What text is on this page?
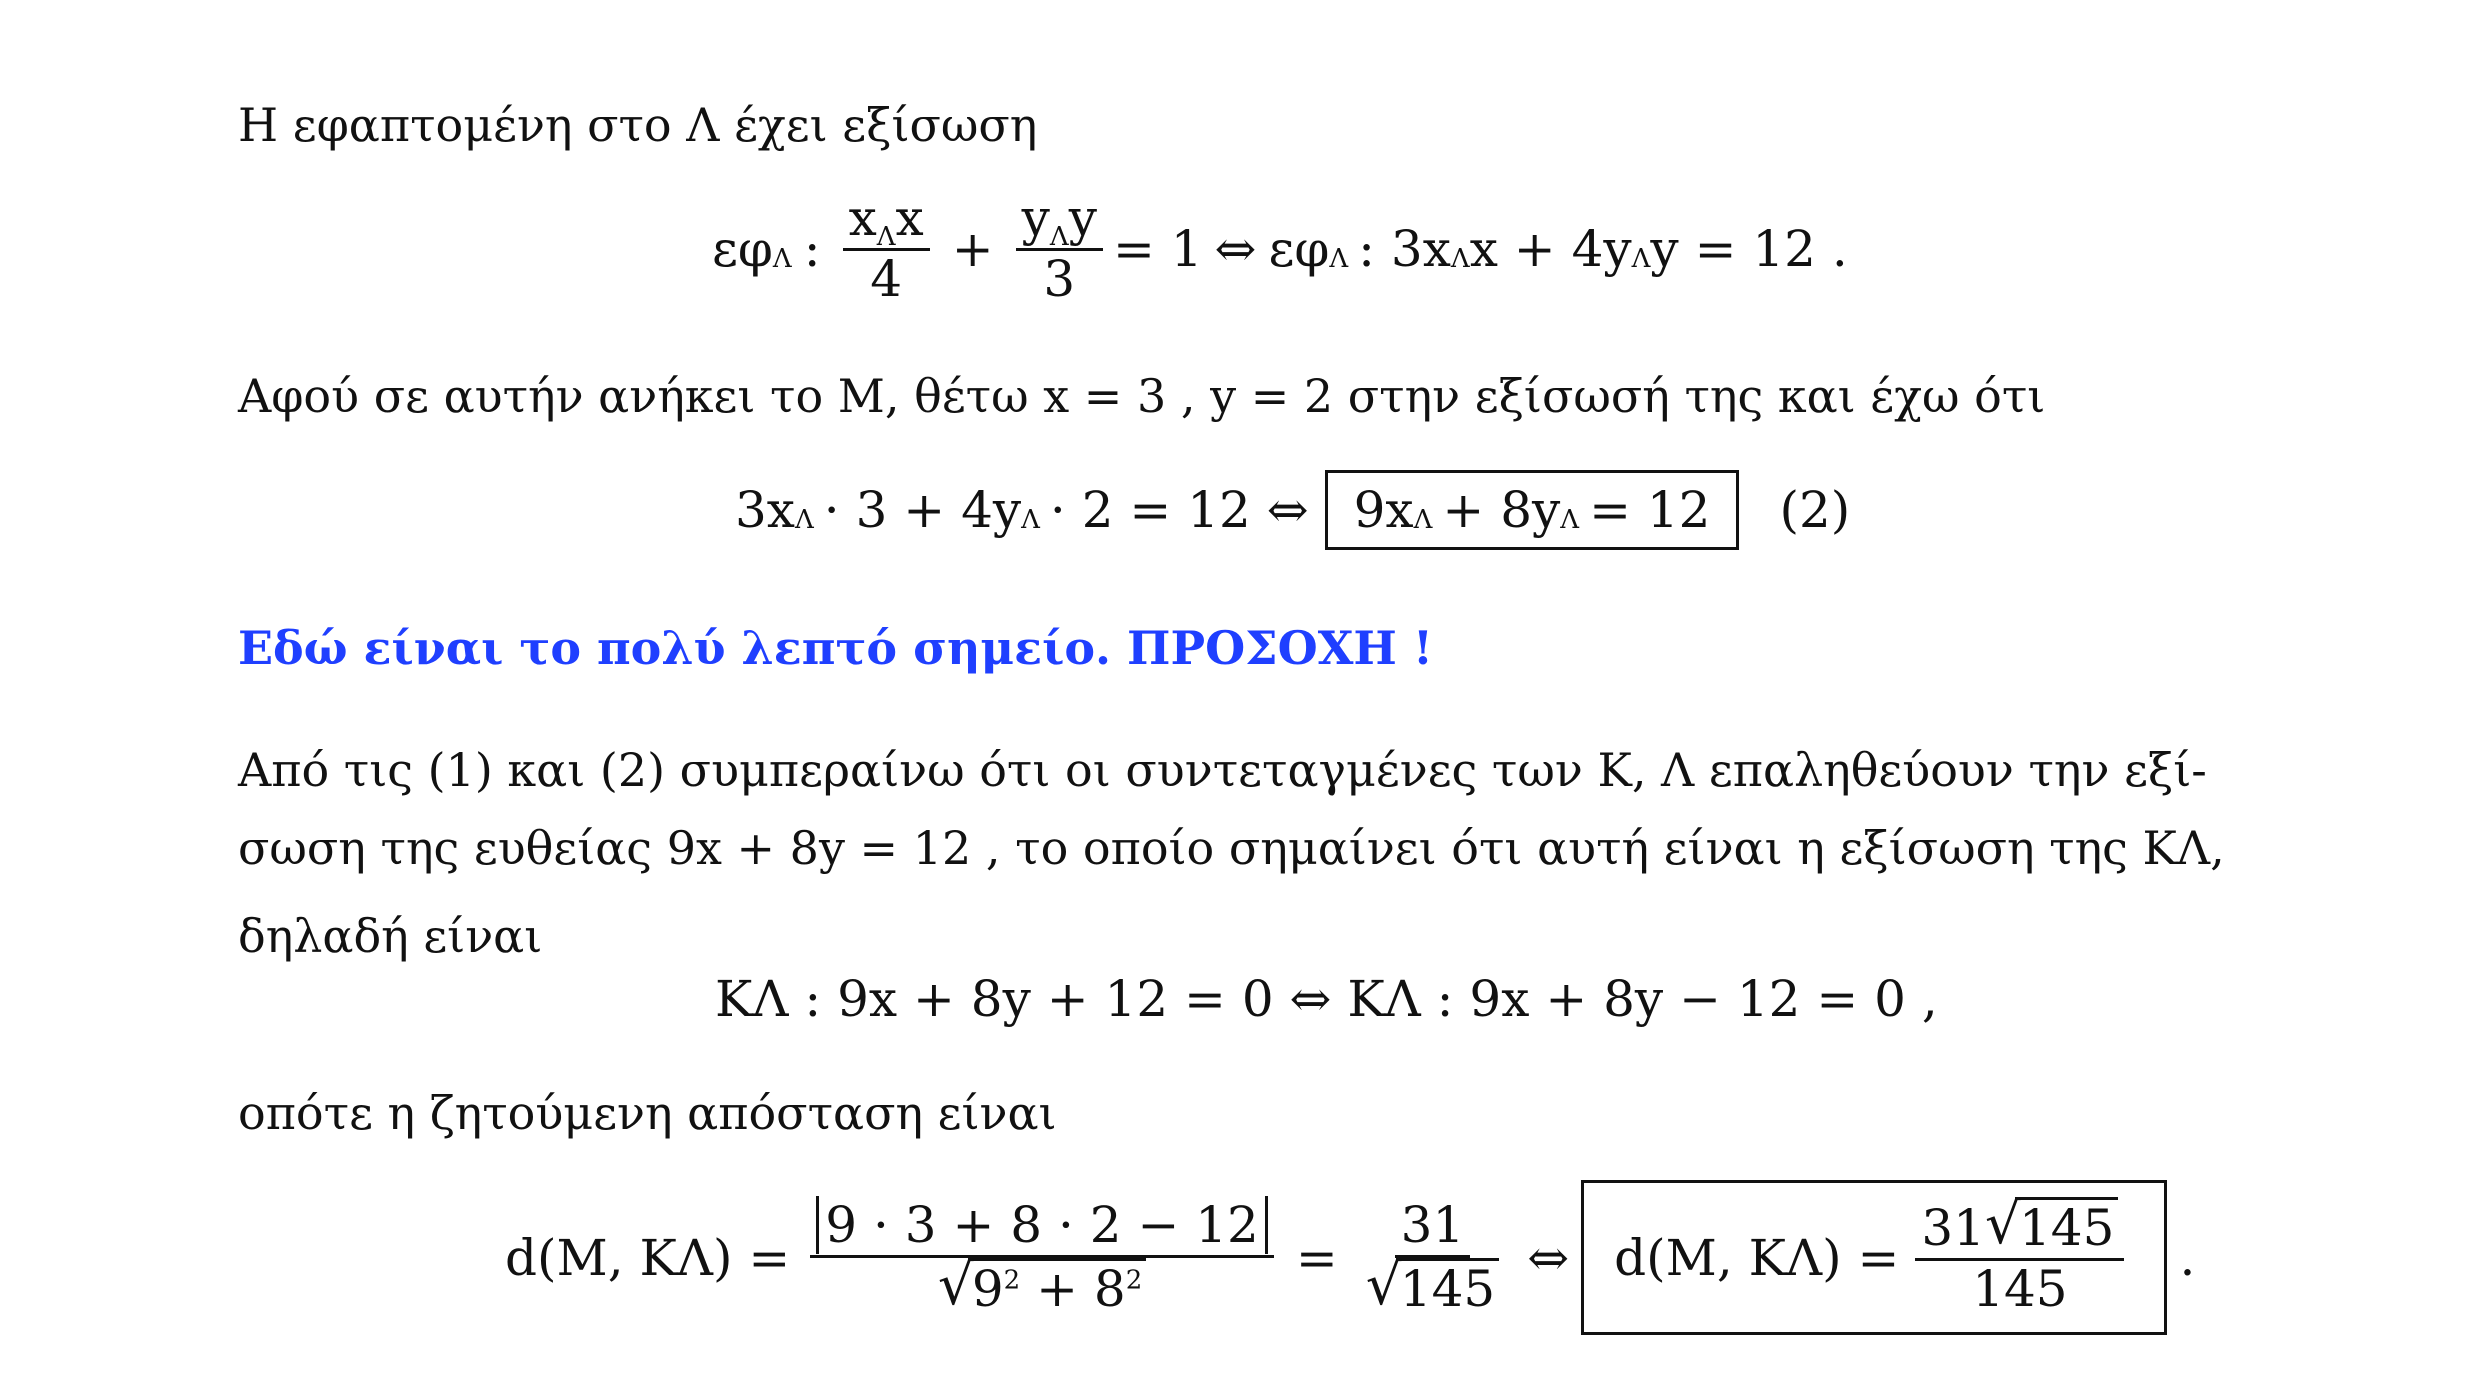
Η εφαπτομένη στο Λ έχει εξίσωση
$\varepsilon\varphi_\Lambda$ : $\frac{x_\Lambda x}{4} + \frac{y_\Lambda y}{3} = 1$ ⇔ $\varepsilon\varphi_\Lambda$ : $3x_\Lambda$ $x + 4y_\Lambda$ y = 12 .
Αφού σε αυτήν ανήκει το Μ, θέτω x = 3 , y = 2 στην εξίσωσή της και έχω ότι
$3x_\Lambda \cdot 3 + 4y_\Lambda \cdot 2 = 12$ ⇔ $9x_\Lambda + 8y_\Lambda = 12$ (2)
Εδώ είναι το πολύ λεπτό σημείο. ΠΡΟΣΟΧΗ !
Από τις (1) και (2) συμπεραίνω ότι οι συντεταγμένες των Κ, Λ επαληθεύουν την εξί-
σωση της ευθείας 9x + 8y = 12 , το οποίο σημαίνει ότι αυτή είναι η εξίσωση της ΚΛ,
δηλαδή είναι
ΚΛ : 9x + 8y + 12 = 0 ⇔ ΚΛ : 9x + 8y − 12 = 0 ,
οπότε η ζητούμενη απόσταση είναι
d(Μ, ΚΛ) = 9 · 3 + 8 · 2 − 12
√ $9^2 + 8^2 = 31$
√ 145 ⇔ d(Μ, $K\Lambda) = \frac{31√ 145}{145}$ .
